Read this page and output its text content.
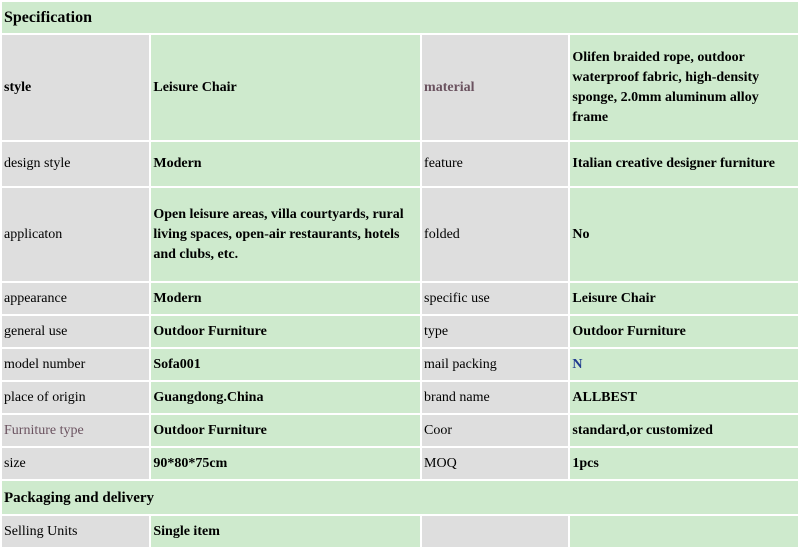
Specification			
style	Leisure Chair	material	Olifen braided rope, outdoor waterproof fabric, high-density sponge, 2.0mm aluminum alloy frame
design style	Modern	feature	Italian creative designer furniture
applicaton	Open leisure areas, villa courtyards, rural living spaces, open-air restaurants, hotels and clubs, etc.	folded	No
appearance	Modern	specific use	Leisure Chair
general use	Outdoor Furniture	type	Outdoor Furniture
model number	Sofa001	mail packing	N
place of origin	Guangdong.China	brand name	ALLBEST
Furniture type	Outdoor Furniture	Coor	standard,or customized
size	90*80*75cm	MOQ	1pcs
Packaging and delivery			
Selling Units	Single item		
